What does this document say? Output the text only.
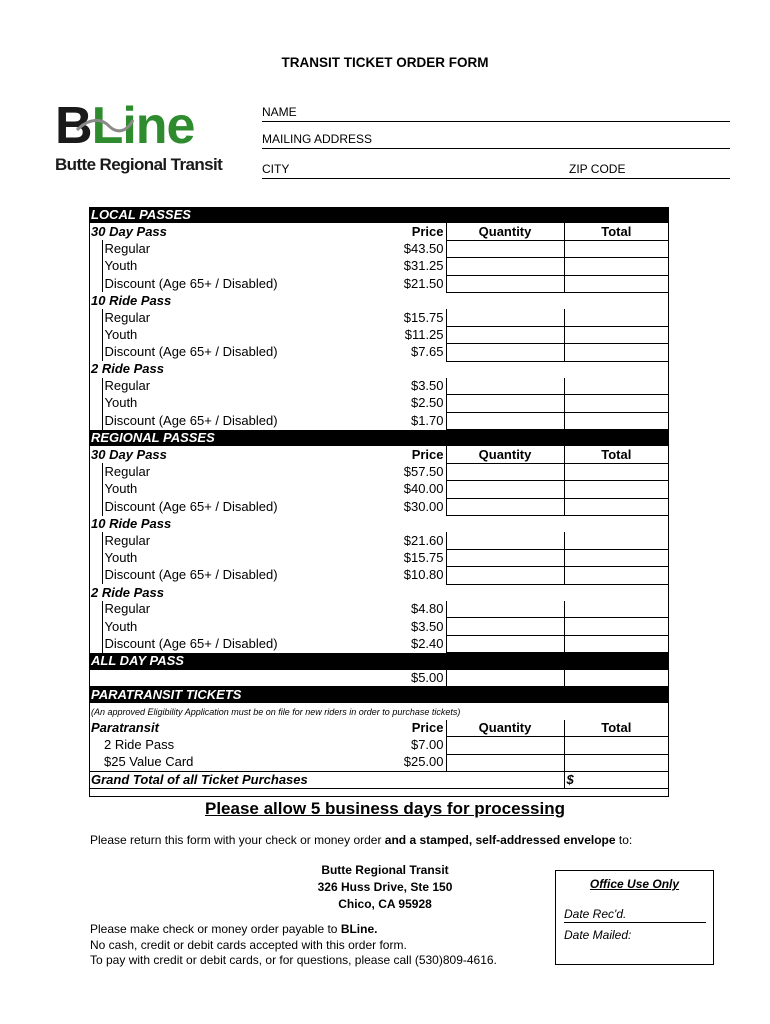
TRANSIT TICKET ORDER FORM
BLine
Butte Regional Transit
NAME
MAILING ADDRESS
CITY	ZIP CODE
LOCAL PASSES				
30 Day Pass		Price	Quantity	Total
	Regular	$43.50		
	Youth	$31.25		
	Discount (Age 65+ / Disabled)	$21.50		
10 Ride Pass				
	Regular	$15.75		
	Youth	$11.25		
	Discount (Age 65+ / Disabled)	$7.65		
2 Ride Pass				
	Regular	$3.50		
	Youth	$2.50		
	Discount (Age 65+ / Disabled)	$1.70		
REGIONAL PASSES				
30 Day Pass		Price	Quantity	Total
	Regular	$57.50		
	Youth	$40.00		
	Discount (Age 65+ / Disabled)	$30.00		
10 Ride Pass				
	Regular	$21.60		
	Youth	$15.75		
	Discount (Age 65+ / Disabled)	$10.80		
2 Ride Pass				
	Regular	$4.80		
	Youth	$3.50		
	Discount (Age 65+ / Disabled)	$2.40		
ALL DAY PASS				
		$5.00		
PARATRANSIT TICKETS				
(An approved Eligibility Application must be on file for new riders in order to purchase tickets)				
Paratransit		Price	Quantity	Total
	2 Ride Pass	$7.00		
	$25 Value Card	$25.00		
Grand Total of all Ticket Purchases				$
Please allow 5 business days for processing
Please return this form with your check or money order and a stamped, self-addressed envelope to:
Butte Regional Transit
326 Huss Drive, Ste 150
Chico, CA 95928
Office Use Only
Date Rec'd.
Date Mailed:
Please make check or money order payable to BLine.
No cash, credit or debit cards accepted with this order form.
To pay with credit or debit cards, or for questions, please call (530)809-4616.
